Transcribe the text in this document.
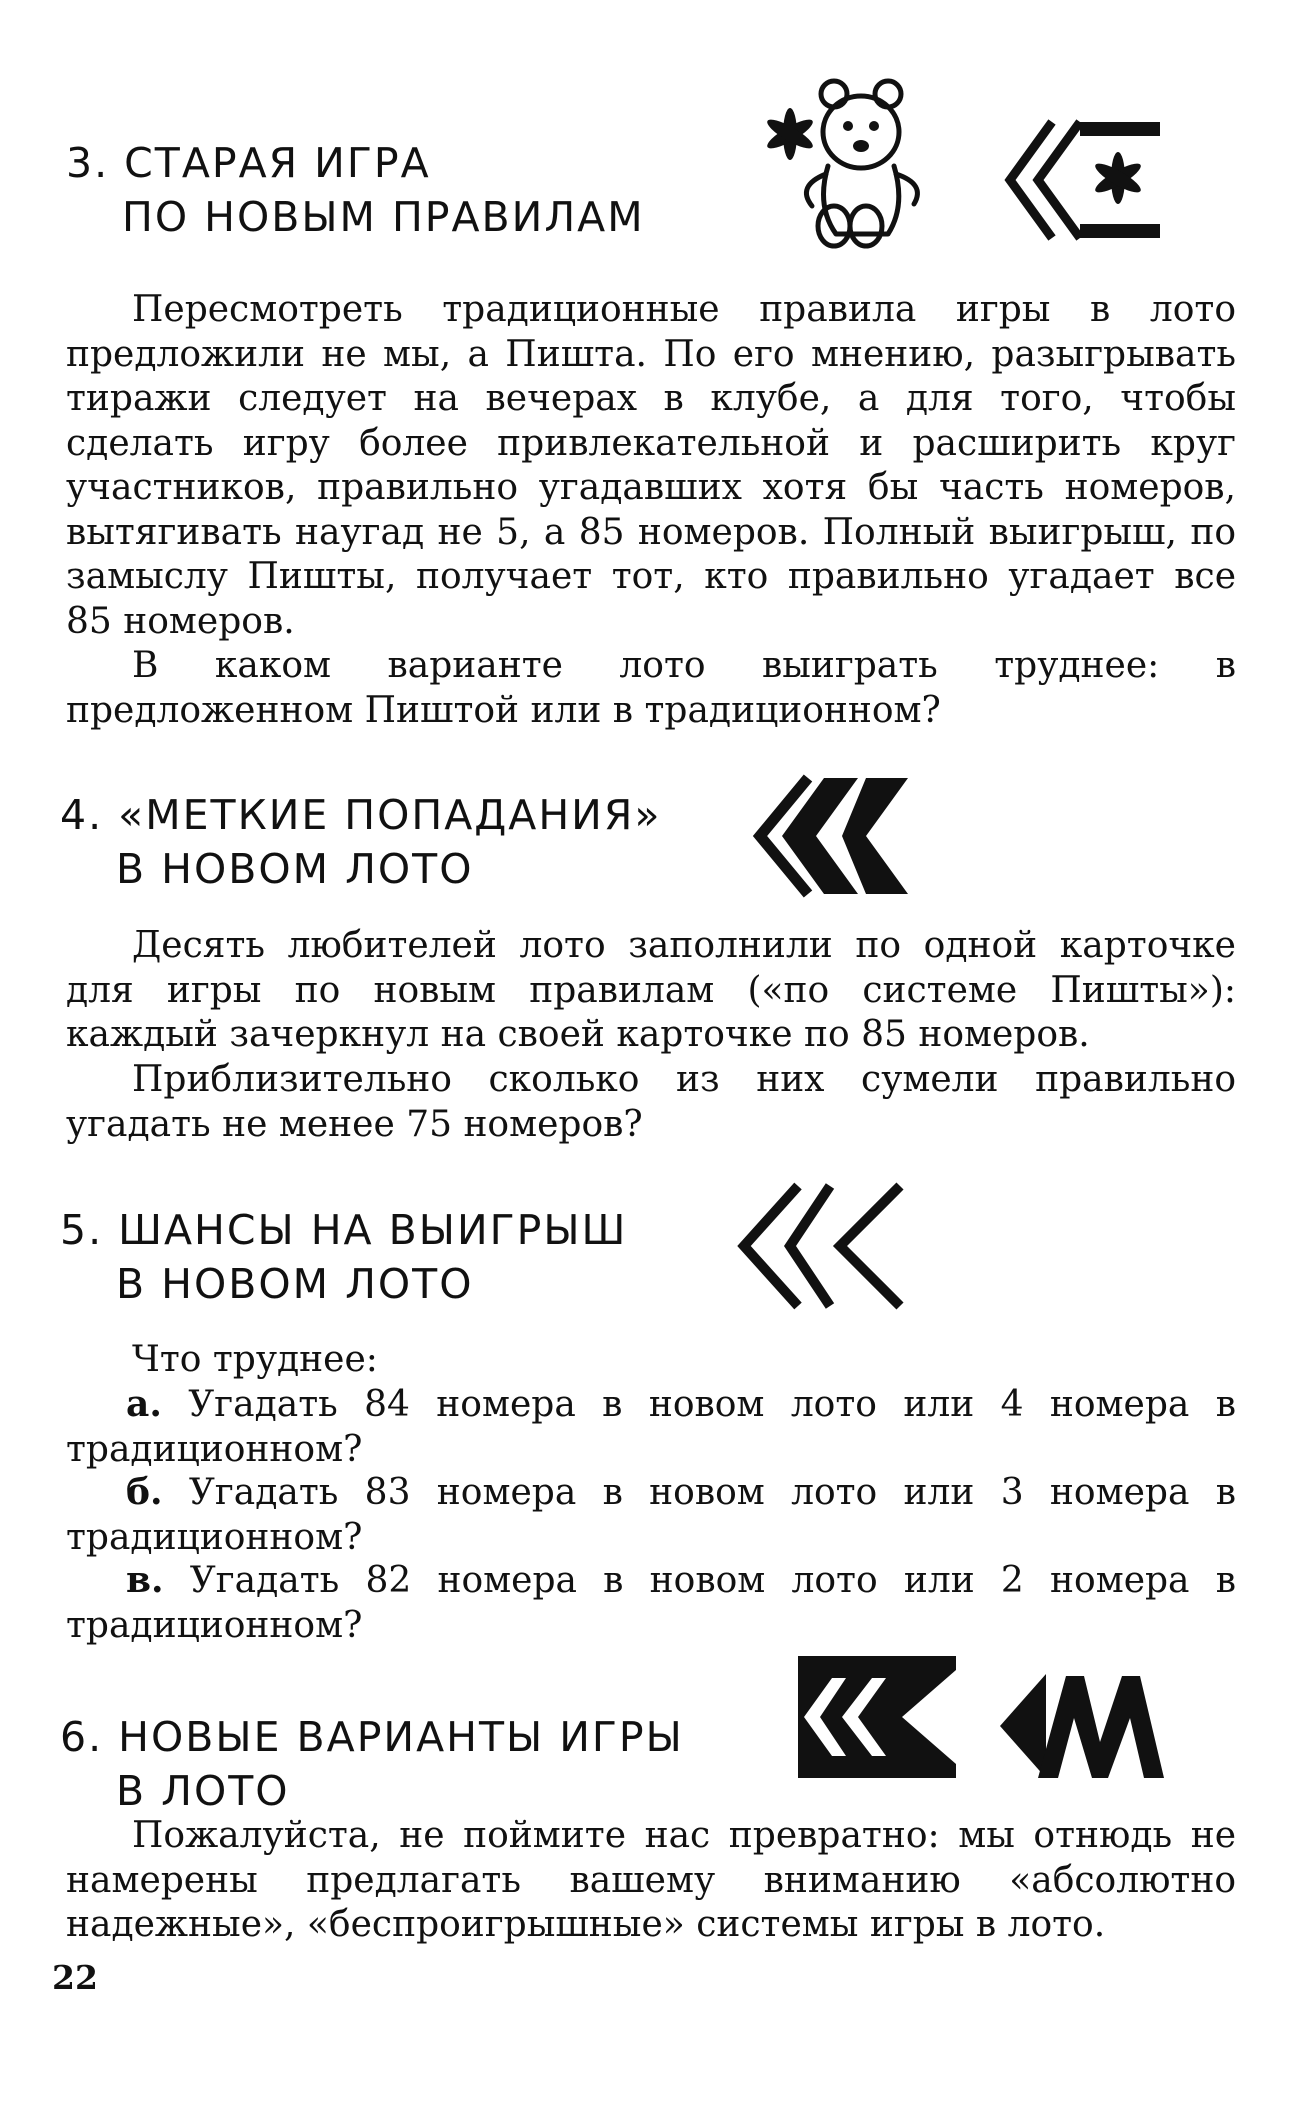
3. СТАРАЯ ИГРА
ПО НОВЫМ ПРАВИЛАМ

Пересмотреть традиционные правила игры в лото предложили не мы, а Пишта. По его мнению, разыгрывать тиражи следует на вечерах в клубе, а для того, чтобы сделать игру более привлекательной и расширить круг участников, правильно угадавших хотя бы часть номеров, вытягивать наугад не 5, а 85 номеров. Полный выигрыш, по замыслу Пишты, получает тот, кто правильно угадает все 85 номеров.

В каком варианте лото выиграть труднее: в предложенном Пиштой или в традиционном?

4. «МЕТКИЕ ПОПАДАНИЯ»
В НОВОМ ЛОТО

Десять любителей лото заполнили по одной карточке для игры по новым правилам («по системе Пишты»): каждый зачеркнул на своей карточке по 85 номеров.

Приблизительно сколько из них сумели правильно угадать не менее 75 номеров?

5. ШАНСЫ НА ВЫИГРЫШ
В НОВОМ ЛОТО

Что труднее:

а. Угадать 84 номера в новом лото или 4 номера в традиционном?

б. Угадать 83 номера в новом лото или 3 номера в традиционном?

в. Угадать 82 номера в новом лото или 2 номера в традиционном?

6. НОВЫЕ ВАРИАНТЫ ИГРЫ
В ЛОТО

Пожалуйста, не поймите нас превратно: мы отнюдь не намерены предлагать вашему вниманию «абсолютно надежные», «беспроигрышные» системы игры в лото.

22
